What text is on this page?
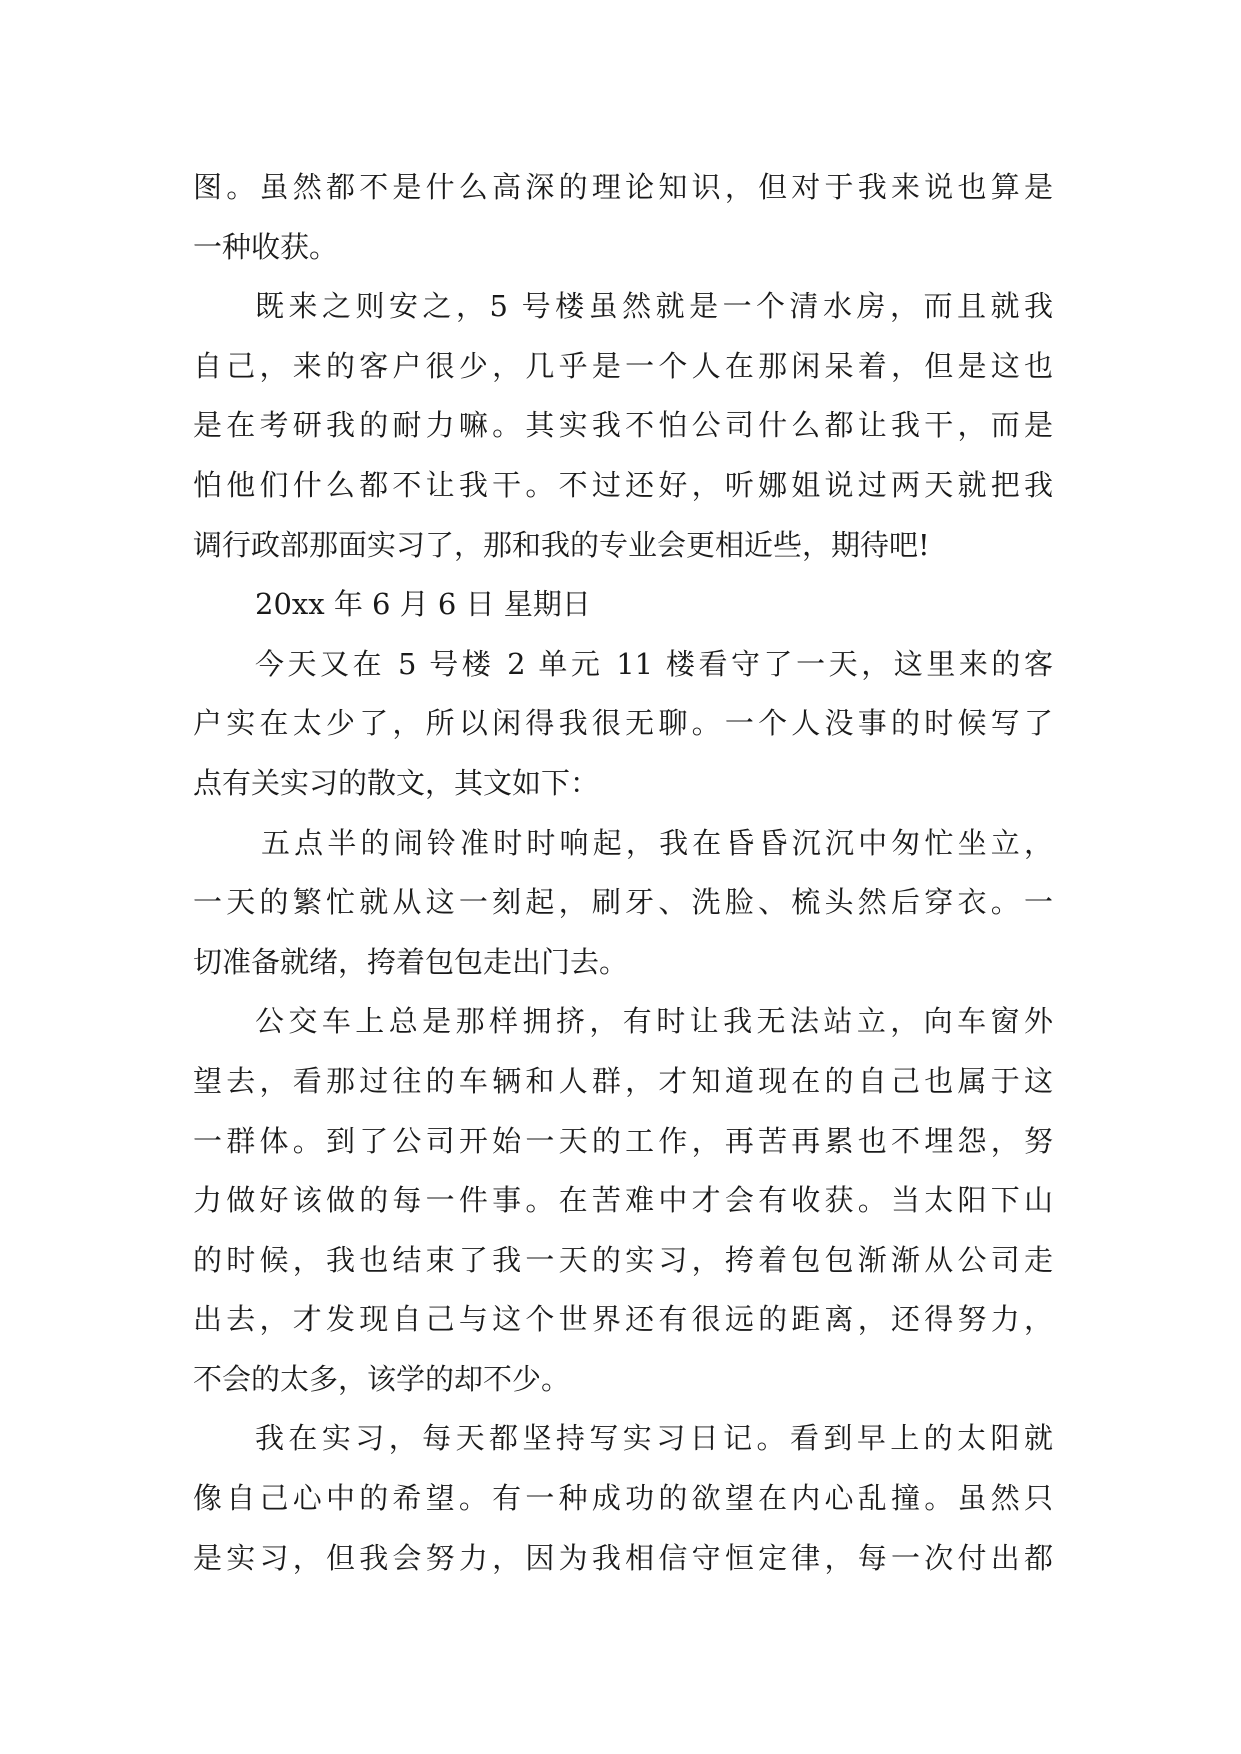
图。虽然都不是什么高深的理论知识，但对于我来说也算是
一种收获。
既来之则安之，5 号楼虽然就是一个清水房，而且就我
自己，来的客户很少，几乎是一个人在那闲呆着，但是这也
是在考研我的耐力嘛。其实我不怕公司什么都让我干，而是
怕他们什么都不让我干。不过还好，听娜姐说过两天就把我
调行政部那面实习了，那和我的专业会更相近些，期待吧!
20xx 年 6 月 6 日 星期日
今天又在 5 号楼 2 单元 11 楼看守了一天，这里来的客
户实在太少了，所以闲得我很无聊。一个人没事的时候写了
点有关实习的散文，其文如下：
五点半的闹铃准时时响起，我在昏昏沉沉中匆忙坐立，
一天的繁忙就从这一刻起，刷牙、洗脸、梳头然后穿衣。一
切准备就绪，挎着包包走出门去。
公交车上总是那样拥挤，有时让我无法站立，向车窗外
望去，看那过往的车辆和人群，才知道现在的自己也属于这
一群体。到了公司开始一天的工作，再苦再累也不埋怨，努
力做好该做的每一件事。在苦难中才会有收获。当太阳下山
的时候，我也结束了我一天的实习，挎着包包渐渐从公司走
出去，才发现自己与这个世界还有很远的距离，还得努力，
不会的太多，该学的却不少。
我在实习，每天都坚持写实习日记。看到早上的太阳就
像自己心中的希望。有一种成功的欲望在内心乱撞。虽然只
是实习，但我会努力，因为我相信守恒定律，每一次付出都
